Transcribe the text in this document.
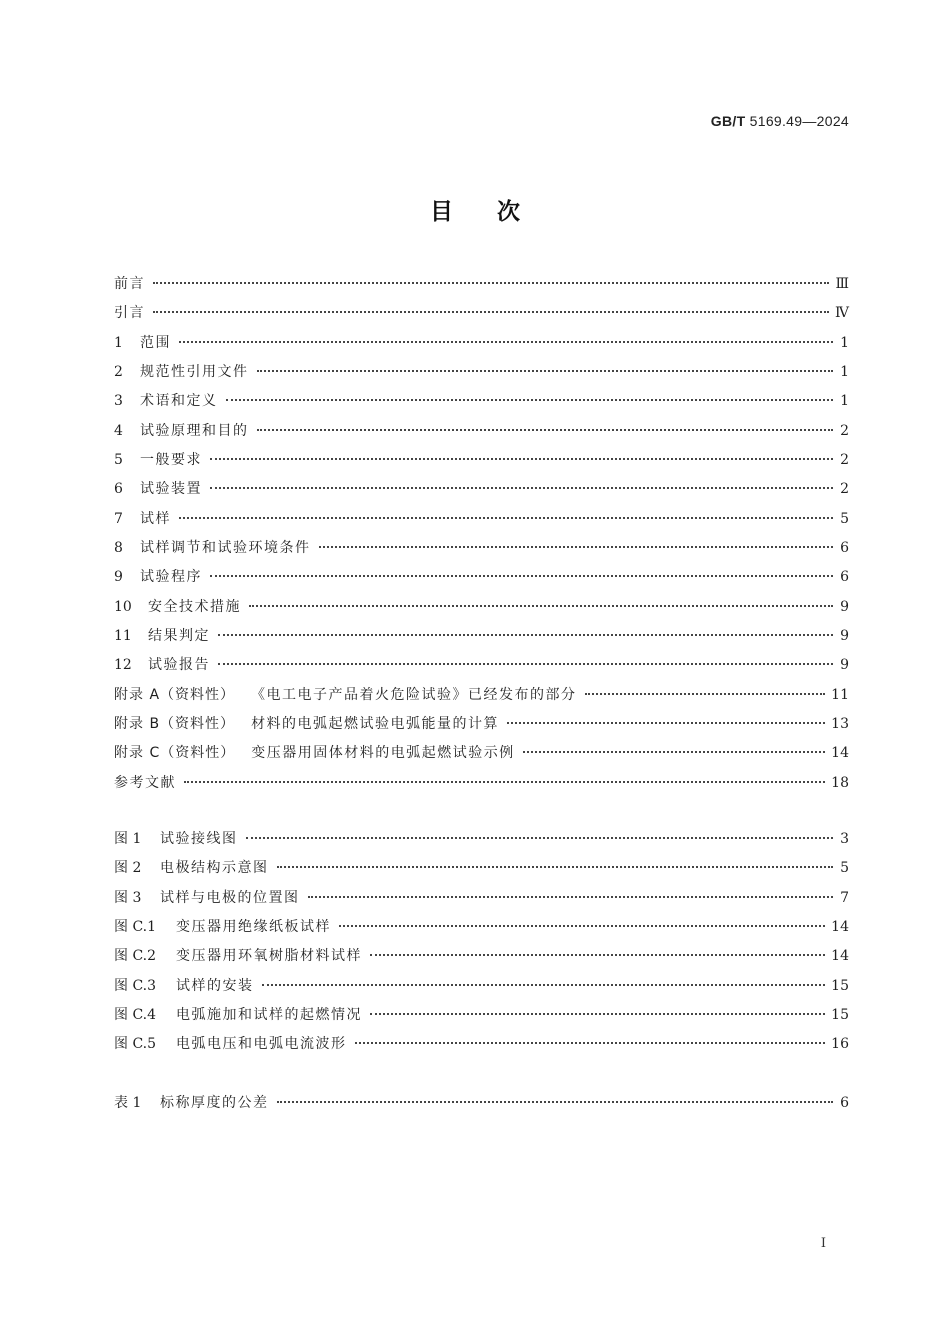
GB/T 5169.49—2024
目次
前言	Ⅲ
引言	Ⅳ
1	范围	1
2	规范性引用文件	1
3	术语和定义	1
4	试验原理和目的	2
5	一般要求	2
6	试验装置	2
7	试样	5
8	试样调节和试验环境条件	6
9	试验程序	6
10	安全技术措施	9
11	结果判定	9
12	试验报告	9
附录 A（资料性） 《电工电子产品着火危险试验》已经发布的部分	11
附录 B（资料性） 材料的电弧起燃试验电弧能量的计算	13
附录 C（资料性） 变压器用固体材料的电弧起燃试验示例	14
参考文献	18
图 1	试验接线图	3
图 2	电极结构示意图	5
图 3	试样与电极的位置图	7
图 C.1	变压器用绝缘纸板试样	14
图 C.2	变压器用环氧树脂材料试样	14
图 C.3	试样的安装	15
图 C.4	电弧施加和试样的起燃情况	15
图 C.5	电弧电压和电弧电流波形	16
表 1	标称厚度的公差	6
Ⅰ
